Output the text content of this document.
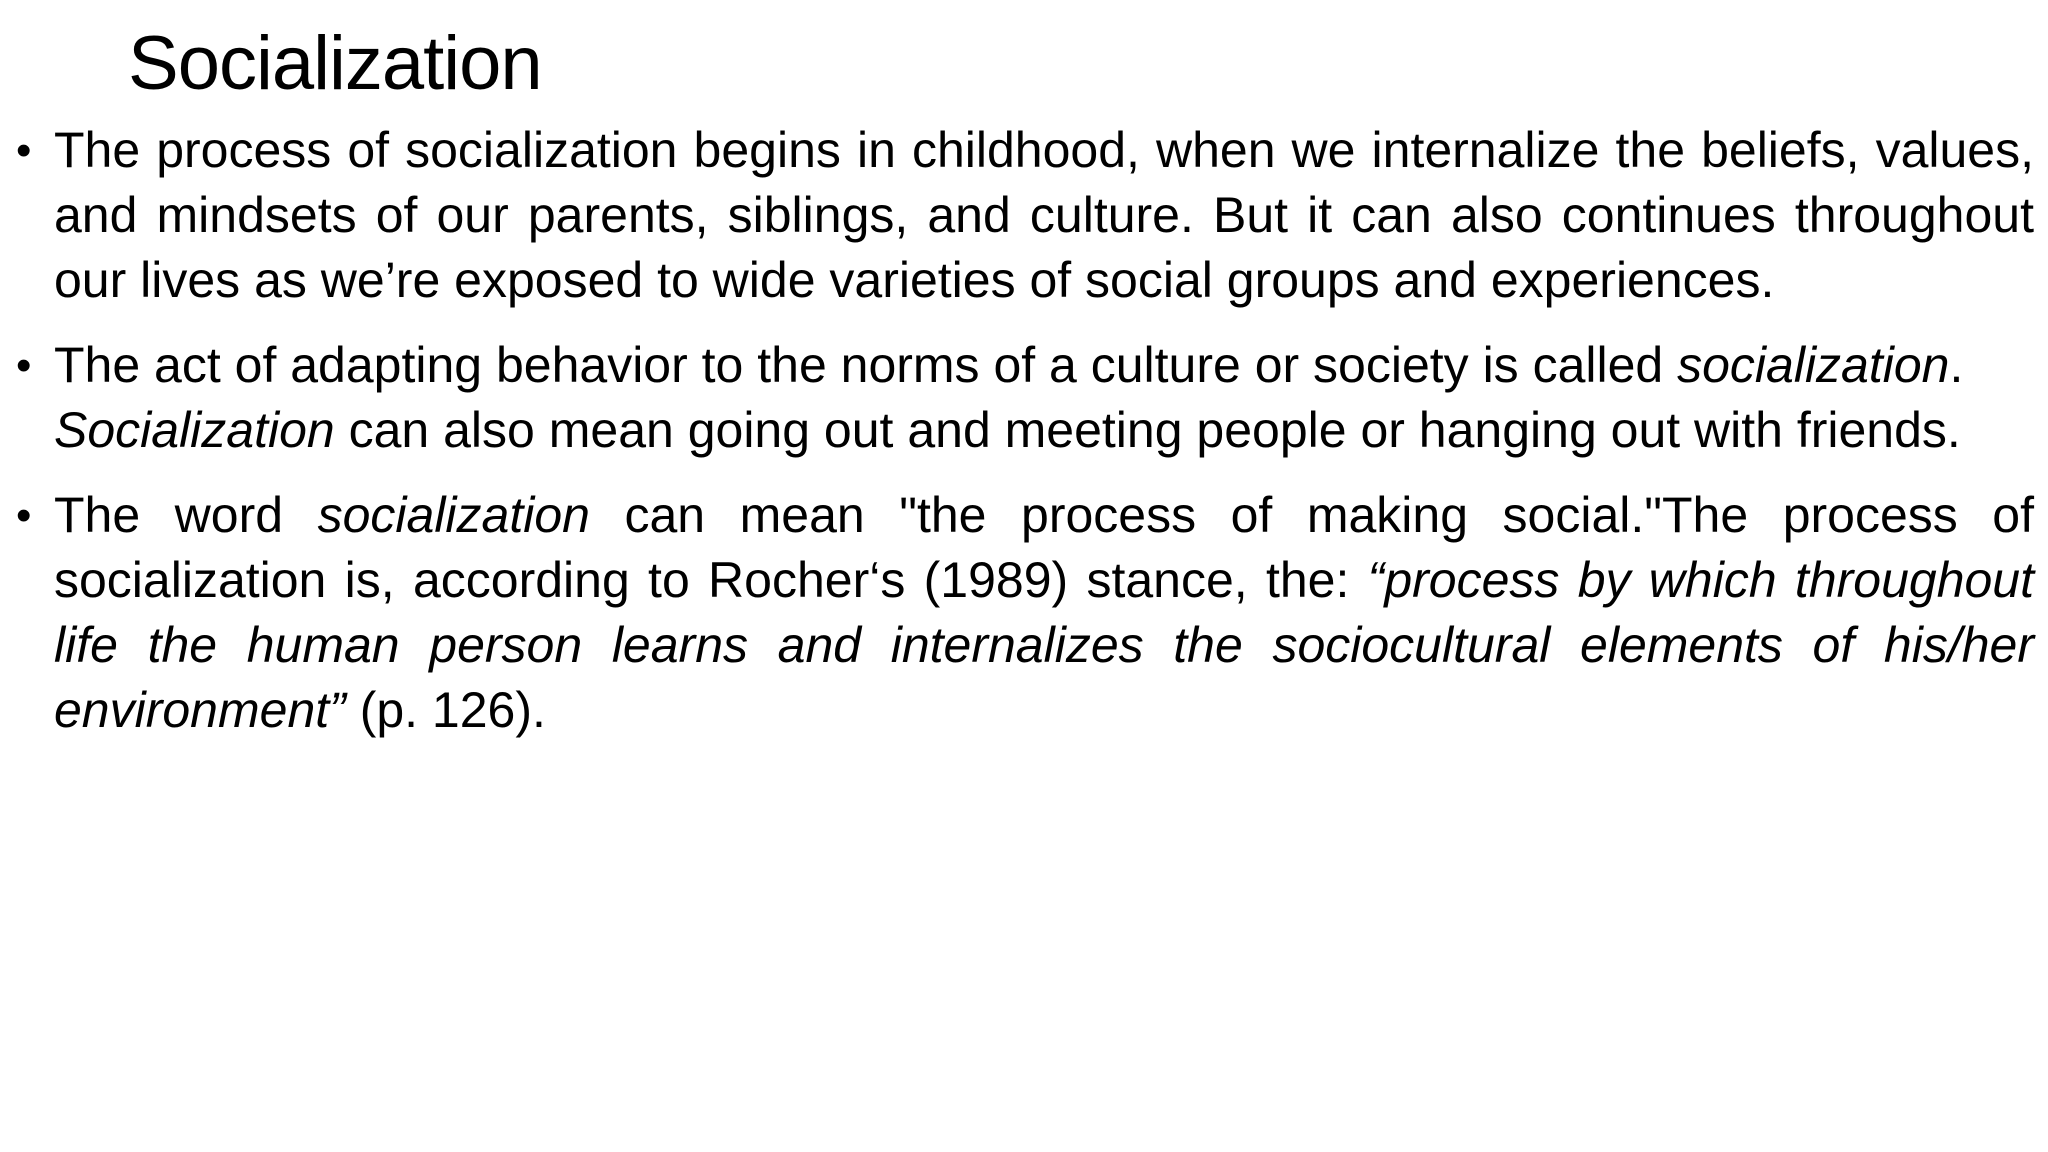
Socialization
• The process of socialization begins in childhood, when we internalize the beliefs, values, and mindsets of our parents, siblings, and culture. But it can also continues throughout our lives as we’re exposed to wide varieties of social groups and experiences.
• The act of adapting behavior to the norms of a culture or society is called socialization. Socialization can also mean going out and meeting people or hanging out with friends.
• The word socialization can mean "the process of making social."The process of socialization is, according to Rocher‘s (1989) stance, the: “process by which throughout life the human person learns and internalizes the sociocultural elements of his/her environment” (p. 126).
